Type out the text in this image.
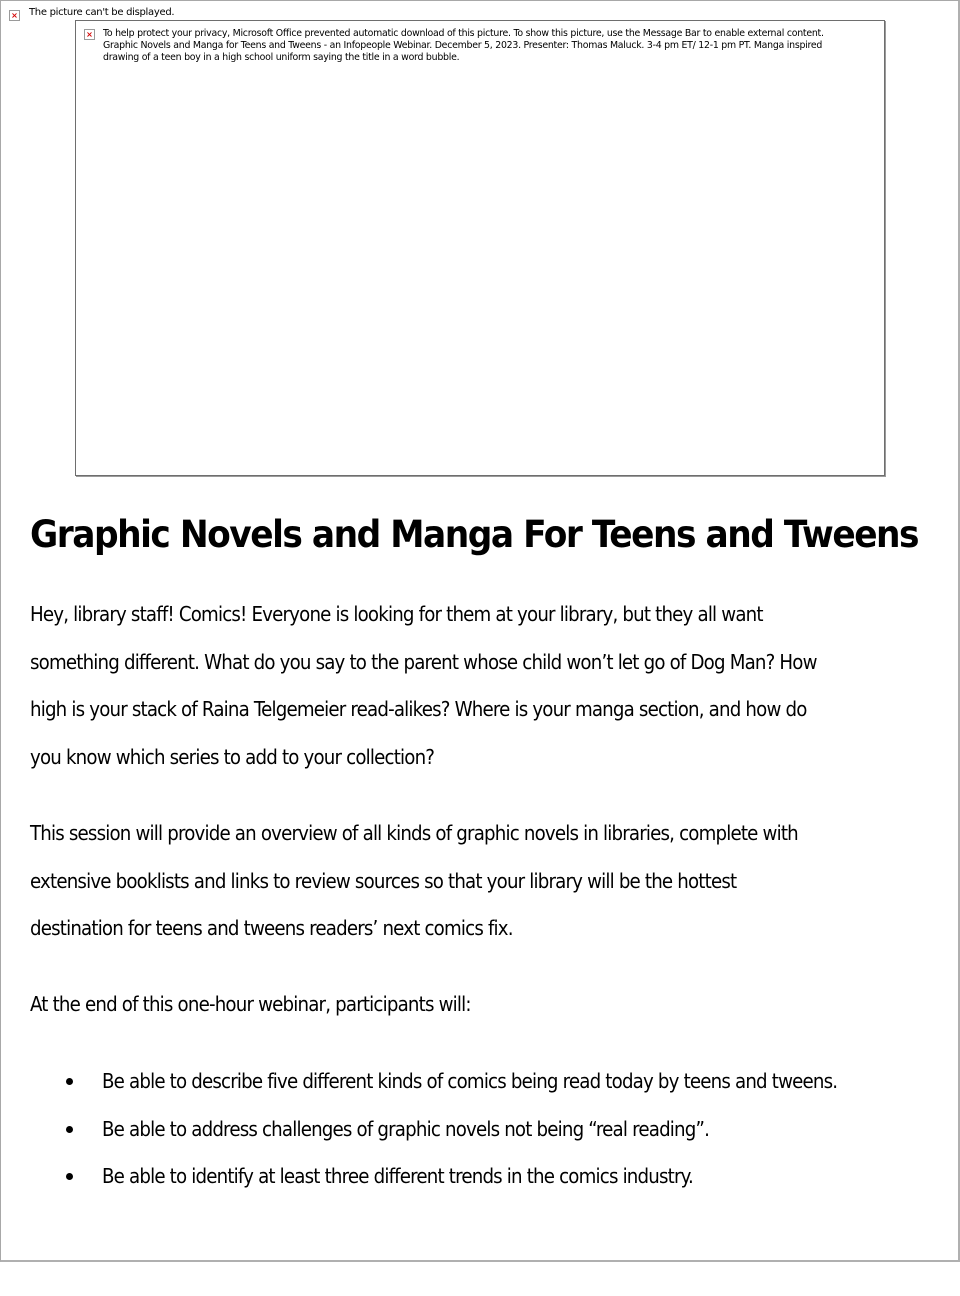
× The picture can't be displayed.
× To help protect your privacy, Microsoft Office prevented automatic download of this picture. To show this picture, use the Message Bar to enable external content.
Graphic Novels and Manga for Teens and Tweens - an Infopeople Webinar. December 5, 2023. Presenter: Thomas Maluck. 3-4 pm ET/ 12-1 pm PT. Manga inspired
drawing of a teen boy in a high school uniform saying the title in a word bubble.
Graphic Novels and Manga For Teens and Tweens
Hey, library staff! Comics! Everyone is looking for them at your library, but they all want
something different. What do you say to the parent whose child won’t let go of Dog Man? How
high is your stack of Raina Telgemeier read-alikes? Where is your manga section, and how do
you know which series to add to your collection?
This session will provide an overview of all kinds of graphic novels in libraries, complete with
extensive booklists and links to review sources so that your library will be the hottest
destination for teens and tweens readers’ next comics fix.
At the end of this one-hour webinar, participants will:
Be able to describe five different kinds of comics being read today by teens and tweens.
Be able to address challenges of graphic novels not being “real reading”.
Be able to identify at least three different trends in the comics industry.
